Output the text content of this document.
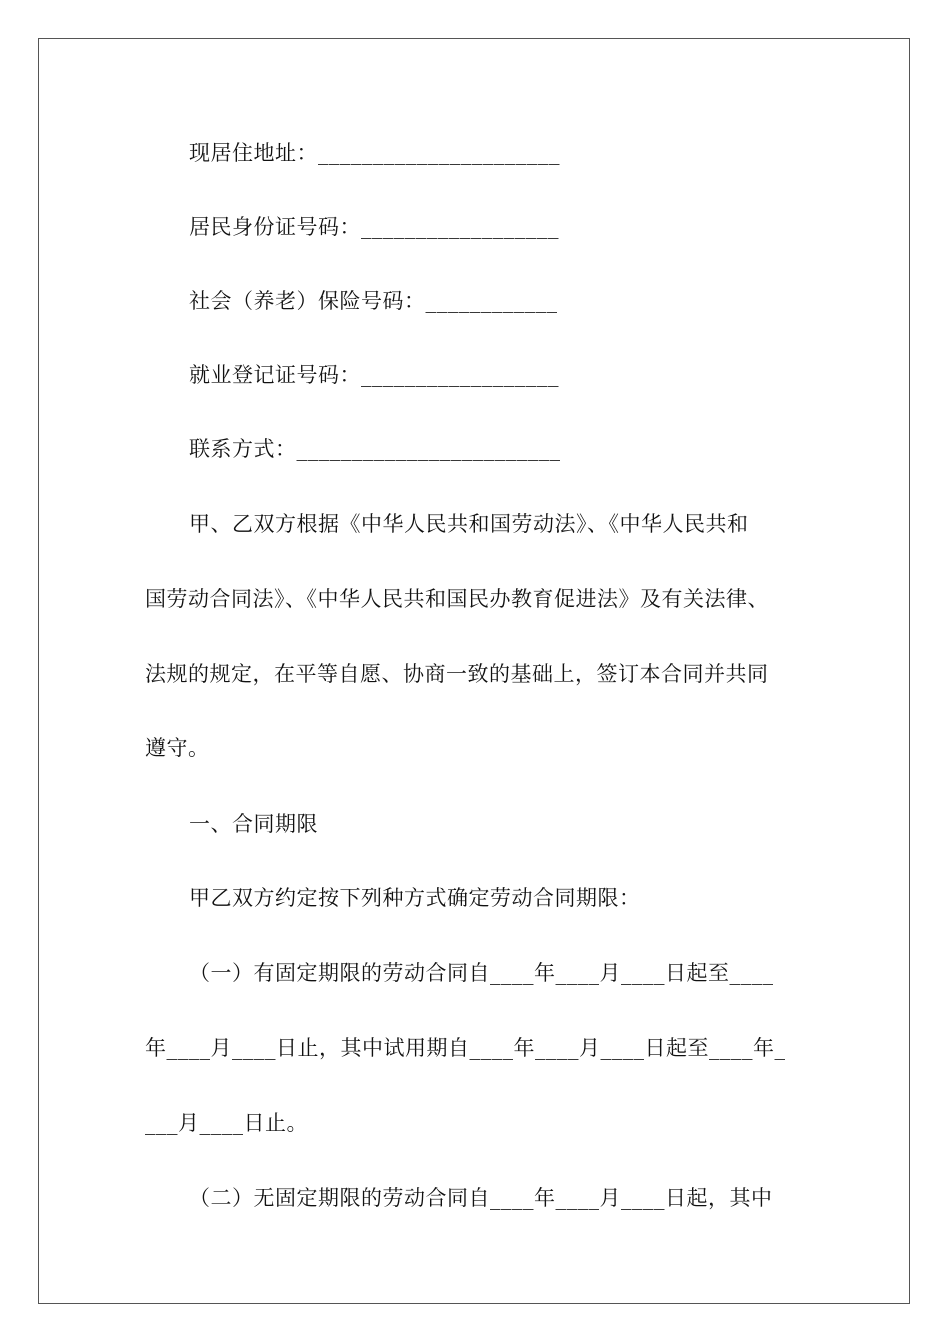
现居住地址：______________________
居民身份证号码：__________________
社会（养老）保险号码：____________
就业登记证号码：__________________
联系方式：________________________
甲、乙双方根据《中华人民共和国劳动法》、《中华人民共和
国劳动合同法》、《中华人民共和国民办教育促进法》及有关法律、
法规的规定，在平等自愿、协商一致的基础上，签订本合同并共同
遵守。
一、合同期限
甲乙双方约定按下列种方式确定劳动合同期限：
（一）有固定期限的劳动合同自____年____月____日起至____
年____月____日止，其中试用期自____年____月____日起至____年_
___月____日止。
（二）无固定期限的劳动合同自____年____月____日起，其中
